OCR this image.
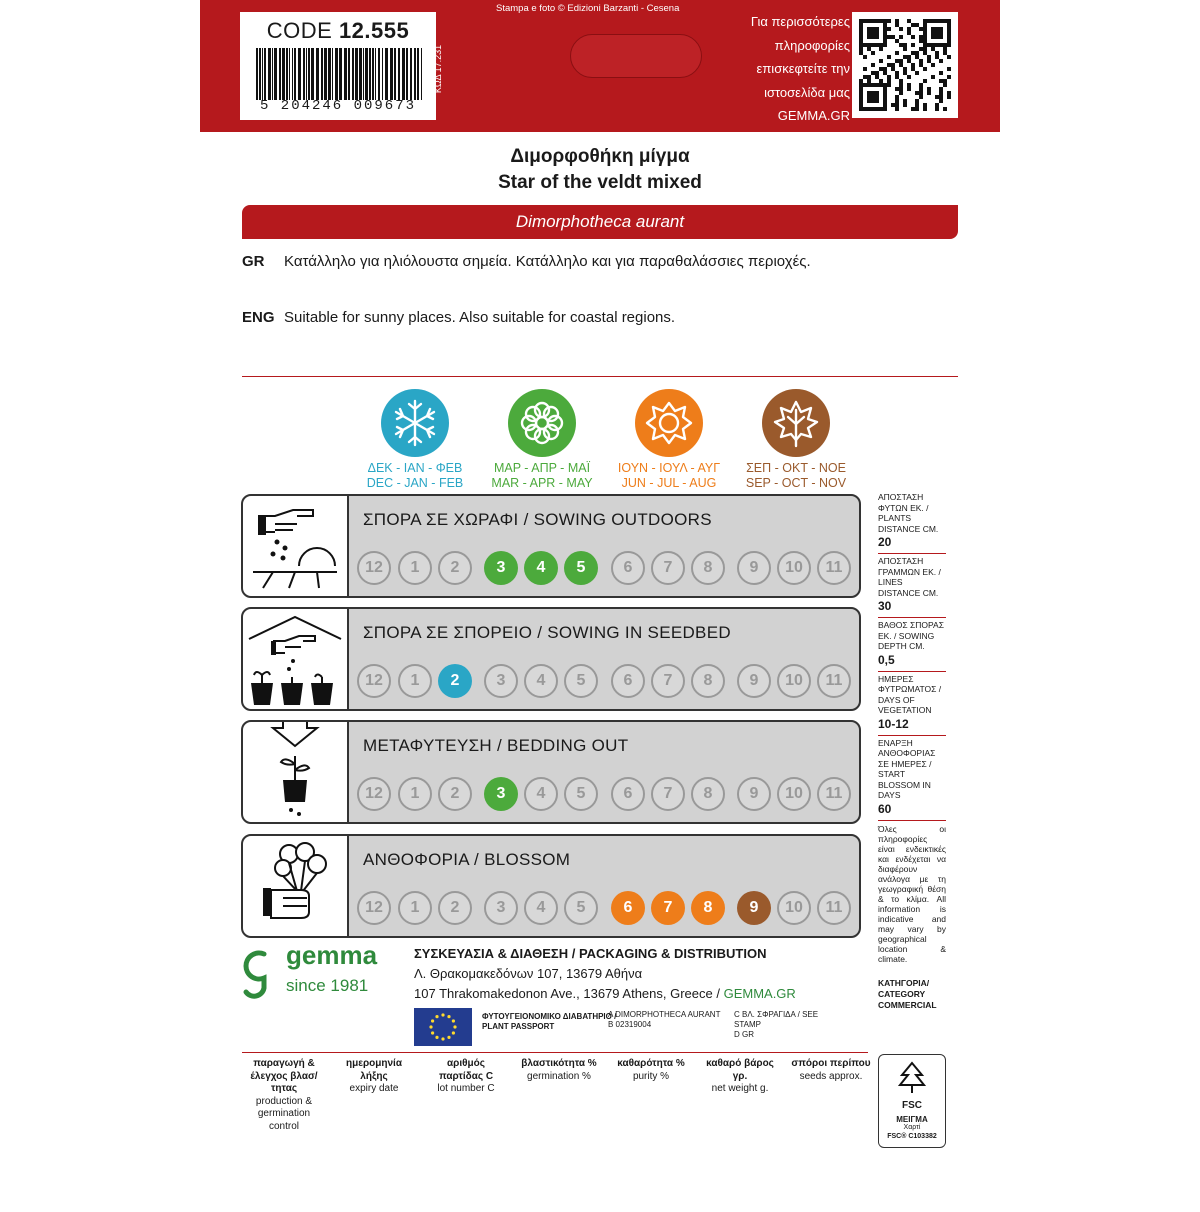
CODE 12.555
5 204246 009673
ΚΩΔ 17.231
Stampa e foto © Edizioni Barzanti - Cesena
Για περισσότερες
πληροφορίες
επισκεφτείτε την
ιστοσελίδα μας
GEMMA.GR
Διμορφοθήκη μίγμα
Star of the veldt mixed
Dimorphotheca aurant
GR Κατάλληλο για ηλιόλουστα σημεία. Κατάλληλο και για παραθαλάσσιες περιοχές.
ENG Suitable for sunny places. Also suitable for coastal regions.
ΔΕΚ - ΙΑΝ - ΦΕΒ
DEC - JAN - FEB
ΜΑΡ - ΑΠΡ - ΜΑΪ
MAR - APR - MAY
ΙΟΥΝ - ΙΟΥΛ - ΑΥΓ
JUN - JUL - AUG
ΣΕΠ - ΟΚΤ - ΝΟΕ
SEP - OCT - NOV
ΣΠΟΡΑ ΣΕ ΧΩΡΑΦΙ / SOWING OUTDOORS
12	1	2	3	4	5	6	7	8	9	10	11
ΣΠΟΡΑ ΣΕ ΣΠΟΡΕΙΟ / SOWING IN SEEDBED
12	1	2	3	4	5	6	7	8	9	10	11
ΜΕΤΑΦΥΤΕΥΣΗ / BEDDING OUT
12	1	2	3	4	5	6	7	8	9	10	11
ΑΝΘΟΦΟΡΙΑ / BLOSSOM
12	1	2	3	4	5	6	7	8	9	10	11
ΑΠΟΣΤΑΣΗ ΦΥΤΩΝ ΕΚ. / PLANTS DISTANCE CM.
20
ΑΠΟΣΤΑΣΗ ΓΡΑΜΜΩΝ ΕΚ. / LINES DISTANCE CM.
30
ΒΑΘΟΣ ΣΠΟΡΑΣ ΕΚ. / SOWING DEPTH CM.
0,5
ΗΜΕΡΕΣ ΦΥΤΡΩΜΑΤΟΣ / DAYS OF VEGETATION
10-12
ΕΝΑΡΞΗ ΑΝΘΟΦΟΡΙΑΣ ΣΕ ΗΜΕΡΕΣ / START BLOSSOM IN DAYS
60
Όλες οι πληροφορίες είναι ενδεικτικές και ενδέχεται να διαφέρουν ανάλογα με τη γεωγραφική θέση & το κλίμα. All information is indicative and may vary by geographical location & climate.
ΚΑΤΗΓΟΡΙΑ/ CATEGORY COMMERCIAL
gemma
since 1981
ΣΥΣΚΕΥΑΣΙΑ & ΔΙΑΘΕΣΗ / PACKAGING & DISTRIBUTION
Λ. Θρακομακεδόνων 107, 13679 Αθήνα
107 Thrakomakedonon Ave., 13679 Athens, Greece / GEMMA.GR
ΦΥΤΟΥΓΕΙΟΝΟΜΙΚΟ ΔΙΑΒΑΤΗΡΙΟ /
PLANT PASSPORT
A DIMORPHOTHECA AURANT
B 02319004
C ΒΛ. ΣΦΡΑΓΙΔΑ / SEE STAMP
D GR
παραγωγή & έλεγχος βλασ/τητας
production & germination control
ημερομηνία λήξης
expiry date
αριθμός παρτίδας C
lot number C
βλαστικότητα %
germination %
καθαρότητα %
purity %
καθαρό βάρος γρ.
net weight g.
σπόροι περίπου
seeds approx.
FSC
ΜΕΙΓΜΑ
Χαρτί
FSC® C103382
